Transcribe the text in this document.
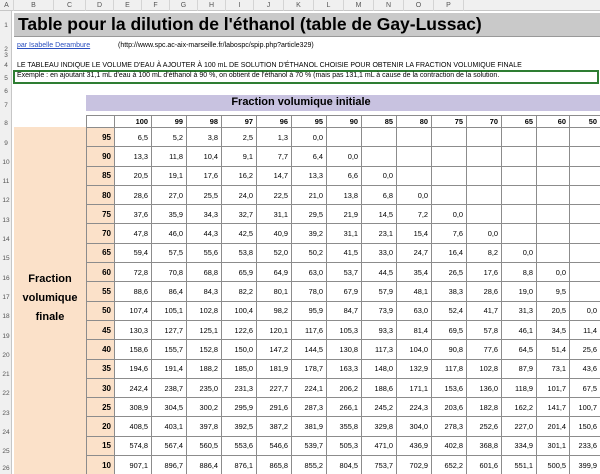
A	B	C	D	E	F	G	H	I	J	K	L	M	N	O	P
1
2
3
4
5
6
7
8
9
10
11
12
13
14
15
16
17
18
19
20
21
22
23
24
25
26
Table pour la dilution de l'éthanol (table de Gay-Lussac)
par Isabelle Derambure	(http://www.spc.ac-aix-marseille.fr/labospc/spip.php?article329)
LE TABLEAU INDIQUE LE VOLUME D'EAU À AJOUTER À 100 mL DE SOLUTION D'ÉTHANOL CHOISIE POUR OBTENIR LA FRACTION VOLUMIQUE FINALE
Exemple : en ajoutant 31,1 mL d'eau à 100 mL d'éthanol à 90 %, on obtient de l'éthanol à 70 % (mais pas 131,1 mL à cause de la contraction de la solution.
Fraction volumique initiale
Fraction
volumique
finale
	100	99	98	97	96	95	90	85	80	75	70	65	60	50
95	6,5	5,2	3,8	2,5	1,3	0,0								
90	13,3	11,8	10,4	9,1	7,7	6,4	0,0							
85	20,5	19,1	17,6	16,2	14,7	13,3	6,6	0,0						
80	28,6	27,0	25,5	24,0	22,5	21,0	13,8	6,8	0,0					
75	37,6	35,9	34,3	32,7	31,1	29,5	21,9	14,5	7,2	0,0				
70	47,8	46,0	44,3	42,5	40,9	39,2	31,1	23,1	15,4	7,6	0,0			
65	59,4	57,5	55,6	53,8	52,0	50,2	41,5	33,0	24,7	16,4	8,2	0,0		
60	72,8	70,8	68,8	65,9	64,9	63,0	53,7	44,5	35,4	26,5	17,6	8,8	0,0	
55	88,6	86,4	84,3	82,2	80,1	78,0	67,9	57,9	48,1	38,3	28,6	19,0	9,5	
50	107,4	105,1	102,8	100,4	98,2	95,9	84,7	73,9	63,0	52,4	41,7	31,3	20,5	0,0
45	130,3	127,7	125,1	122,6	120,1	117,6	105,3	93,3	81,4	69,5	57,8	46,1	34,5	11,4
40	158,6	155,7	152,8	150,0	147,2	144,5	130,8	117,3	104,0	90,8	77,6	64,5	51,4	25,6
35	194,6	191,4	188,2	185,0	181,9	178,7	163,3	148,0	132,9	117,8	102,8	87,9	73,1	43,6
30	242,4	238,7	235,0	231,3	227,7	224,1	206,2	188,6	171,1	153,6	136,0	118,9	101,7	67,5
25	308,9	304,5	300,2	295,9	291,6	287,3	266,1	245,2	224,3	203,6	182,8	162,2	141,7	100,7
20	408,5	403,1	397,8	392,5	387,2	381,9	355,8	329,8	304,0	278,3	252,6	227,0	201,4	150,6
15	574,8	567,4	560,5	553,6	546,6	539,7	505,3	471,0	436,9	402,8	368,8	334,9	301,1	233,6
10	907,1	896,7	886,4	876,1	865,8	855,2	804,5	753,7	702,9	652,2	601,6	551,1	500,5	399,9
